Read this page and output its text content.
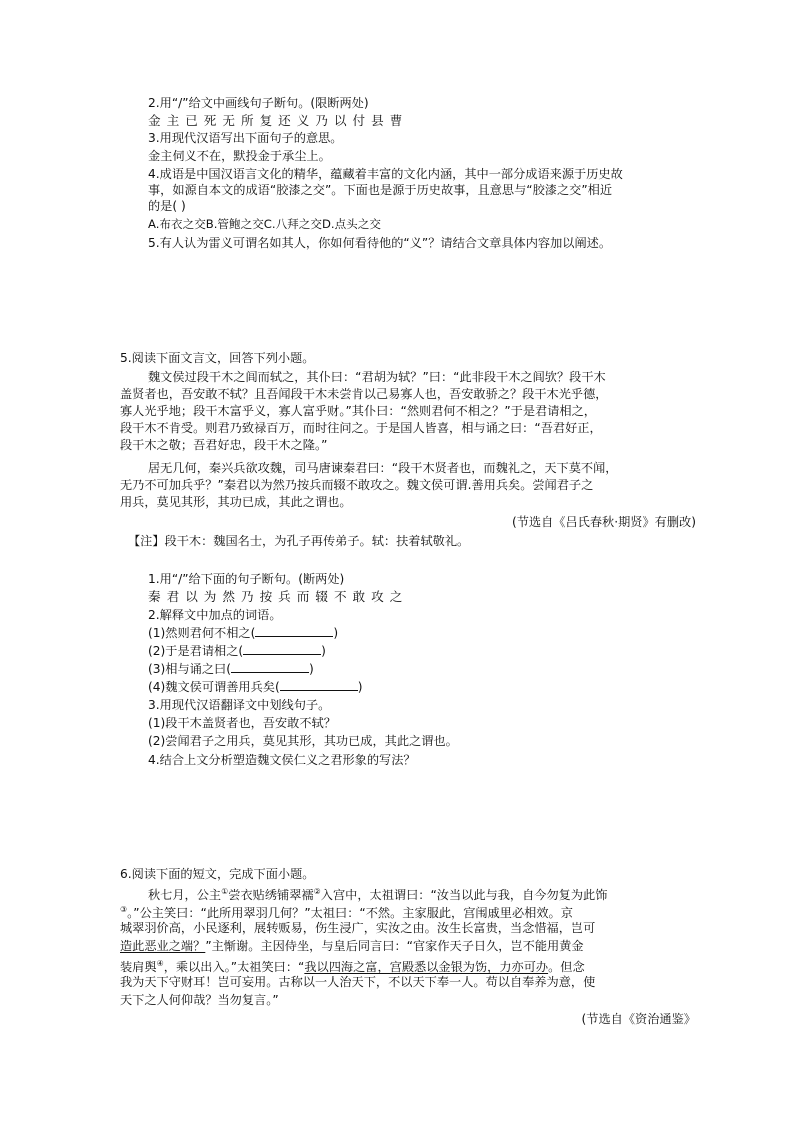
2.用“/”给文中画线句子断句。(限断两处)
金主已死无所复还义乃以付县曹
3.用现代汉语写出下面句子的意思。
金主伺义不在，默投金于承尘上。
4.成语是中国汉语言文化的精华，蕴藏着丰富的文化内涵，其中一部分成语来源于历史故
事，如源自本文的成语“胶漆之交”。下面也是源于历史故事，且意思与“胶漆之交”相近
的是( )
A.布衣之交B.管鲍之交C.八拜之交D.点头之交
5.有人认为雷义可谓名如其人，你如何看待他的“义”？请结合文章具体内容加以阐述。
5.阅读下面文言文，回答下列小题。
魏文侯过段干木之闾而轼之，其仆曰：“君胡为轼？”曰：“此非段干木之闾欤？段干木
盖贤者也，吾安敢不轼？且吾闻段干木未尝肯以己易寡人也，吾安敢骄之？段干木光乎德，
寡人光乎地；段干木富乎义，寡人富乎财。”其仆曰：“然则君何不相之？”于是君请相之，
段干木不肯受。则君乃致禄百万，而时往问之。于是国人皆喜，相与诵之曰：“吾君好正，
段干木之敬；吾君好忠，段干木之隆。”
居无几何，秦兴兵欲攻魏，司马唐谏秦君曰：“段干木贤者也，而魏礼之，天下莫不闻，
无乃不可加兵乎？”秦君以为然乃按兵而辍不敢攻之。魏文侯可谓.善用兵矣。尝闻君子之
用兵，莫见其形，其功已成，其此之谓也。
(节选自《吕氏春秋·期贤》有删改)
【注】段干木：魏国名士，为孔子再传弟子。轼：扶着轼敬礼。
1.用“/”给下面的句子断句。(断两处)
秦君以为然乃按兵而辍不敢攻之
2.解释文中加点的词语。
(1)然则君何不相之(	)
(2)于是君请相之(	)
(3)相与诵之曰(	)
(4)魏文侯可谓善用兵矣(	)
3.用现代汉语翻译文中划线句子。
(1)段干木盖贤者也，吾安敢不轼？
(2)尝闻君子之用兵，莫见其形，其功已成，其此之谓也。
4.结合上文分析塑造魏文侯仁义之君形象的写法？
6.阅读下面的短文，完成下面小题。
秋七月，公主①尝衣贴绣铺翠襦②入宫中，太祖谓曰：“汝当以此与我，自今勿复为此饰
③。”公主笑曰：“此所用翠羽几何？”太祖曰：“不然。主家服此，宫闱戚里必相效。京
城翠羽价高，小民逐利，展转贩易，伤生浸广，实汝之由。汝生长富贵，当念惜福，岂可
造此恶业之端？”主惭谢。主因侍坐，与皇后同言曰：“官家作天子日久，岂不能用黄金
装肩舆④，乘以出入。”太祖笑曰：“我以四海之富，宫殿悉以金银为饬，力亦可办。但念
我为天下守财耳！岂可妄用。古称以一人治天下，不以天下奉一人。苟以自奉养为意，使
天下之人何仰哉？当勿复言。”
(节选自《资治通鉴》
